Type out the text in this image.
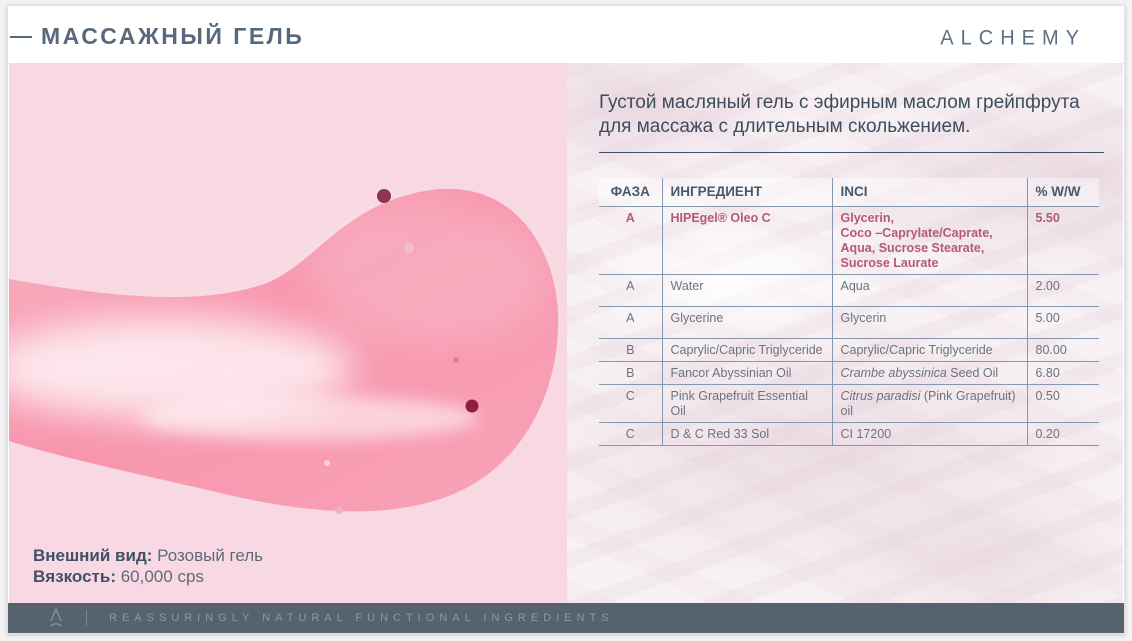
МАССАЖНЫЙ ГЕЛЬ	ALCHEMY
Внешний вид: Розовый гель
Вязкость: 60,000 cps
Густой масляный гель с эфирным маслом грейпфрута для массажа с длительным скольжением.
ФАЗА	ИНГРЕДИЕНТ	INCI	% W/W
A	HIPEgel® Oleo C	Glycerin,
Coco –Caprylate/Caprate,
Aqua, Sucrose Stearate,
Sucrose Laurate	5.50
A	Water	Aqua	2.00
A	Glycerine	Glycerin	5.00
B	Caprylic/Capric Triglyceride	Caprylic/Capric Triglyceride	80.00
B	Fancor Abyssinian Oil	Crambe abyssinica Seed Oil	6.80
C	Pink Grapefruit Essential Oil	Citrus paradisi (Pink Grapefruit) oil	0.50
C	D & C Red 33 Sol	CI 17200	0.20
REASSURINGLY NATURAL FUNCTIONAL INGREDIENTS
